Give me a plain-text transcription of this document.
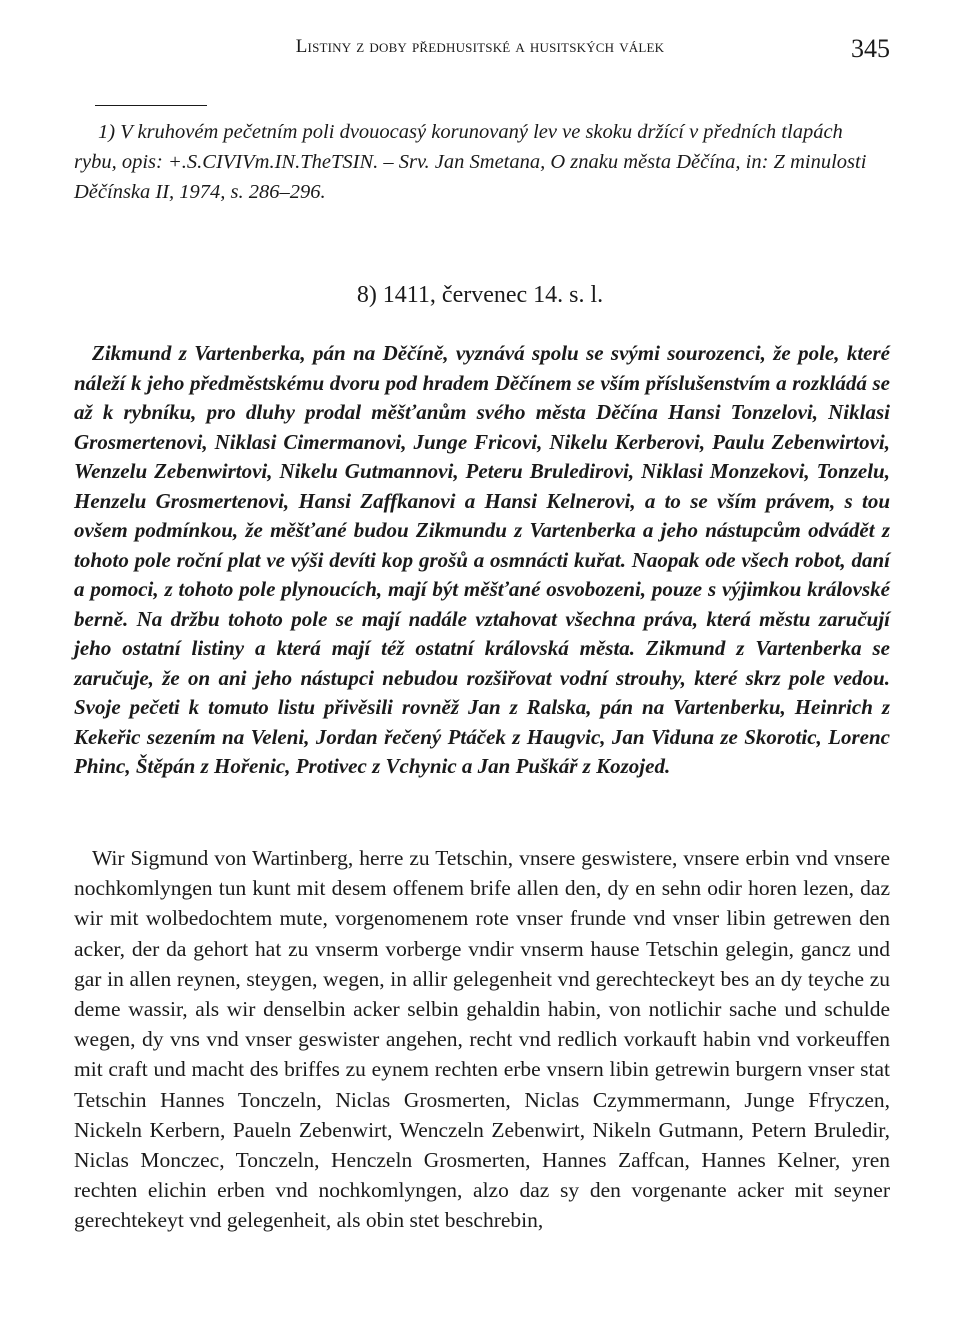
Listiny z doby předhusitské a husitských válek	345

1) V kruhovém pečetním poli dvouocasý korunovaný lev ve skoku držící v předních tlapách rybu, opis: +.S.CIVIVm.IN.TheTSIN. – Srv. Jan Smetana, O znaku města Děčína, in: Z minulosti Děčínska II, 1974, s. 286–296.

8) 1411, červenec 14. s. l.

Zikmund z Vartenberka, pán na Děčíně, vyznává spolu se svými sourozenci, že pole, které náleží k jeho předměstskému dvoru pod hradem Děčínem se vším příslušenstvím a rozkládá se až k rybníku, pro dluhy prodal měšťanům svého města Děčína Hansi Tonzelovi, Niklasi Grosmertenovi, Niklasi Cimermanovi, Junge Fricovi, Nikelu Kerberovi, Paulu Zebenwirtovi, Wenzelu Zebenwirtovi, Nikelu Gutmannovi, Peteru Bruledirovi, Niklasi Monzekovi, Tonzelu, Henzelu Grosmertenovi, Hansi Zaffkanovi a Hansi Kelnerovi, a to se vším právem, s tou ovšem podmínkou, že měšťané budou Zikmundu z Vartenberka a jeho nástupcům odvádět z tohoto pole roční plat ve výši devíti kop grošů a osmnácti kuřat. Naopak ode všech robot, daní a pomoci, z tohoto pole plynoucích, mají být měšťané osvobozeni, pouze s výjimkou královské berně. Na držbu tohoto pole se mají nadále vztahovat všechna práva, která městu zaručují jeho ostatní listiny a která mají též ostatní královská města. Zikmund z Vartenberka se zaručuje, že on ani jeho nástupci nebudou rozšiřovat vodní strouhy, které skrz pole vedou. Svoje pečeti k tomuto listu přivěsili rovněž Jan z Ralska, pán na Vartenberku, Heinrich z Kekeřic sezením na Veleni, Jordan řečený Ptáček z Haugvic, Jan Viduna ze Skorotic, Lorenc Phinc, Štěpán z Hořenic, Protivec z Vchynic a Jan Puškář z Kozojed.

Wir Sigmund von Wartinberg, herre zu Tetschin, vnsere geswistere, vnsere erbin vnd vnsere nochkomlyngen tun kunt mit desem offenem brife allen den, dy en sehn odir horen lezen, daz wir mit wolbedochtem mute, vorgenomenem rote vnser frunde vnd vnser libin getrewen den acker, der da gehort hat zu vnserm vorberge vndir vnserm hause Tetschin gelegin, gancz und gar in allen reynen, steygen, wegen, in allir gelegenheit vnd gerechteckeyt bes an dy teyche zu deme wassir, als wir denselbin acker selbin gehaldin habin, von notlichir sache und schulde wegen, dy vns vnd vnser geswister angehen, recht vnd redlich vorkauft habin vnd vorkeuffen mit craft und macht des briffes zu eynem rechten erbe vnsern libin getrewin burgern vnser stat Tetschin Hannes Tonczeln, Niclas Grosmerten, Niclas Czymmermann, Junge Ffryczen, Nickeln Kerbern, Paueln Zebenwirt, Wenczeln Zebenwirt, Nikeln Gutmann, Petern Bruledir, Niclas Monczec, Tonczeln, Henczeln Grosmerten, Hannes Zaffcan, Hannes Kelner, yren rechten elichin erben vnd nochkomlyngen, alzo daz sy den vorgenante acker mit seyner gerechtekeyt vnd gelegenheit, als obin stet beschrebin,
